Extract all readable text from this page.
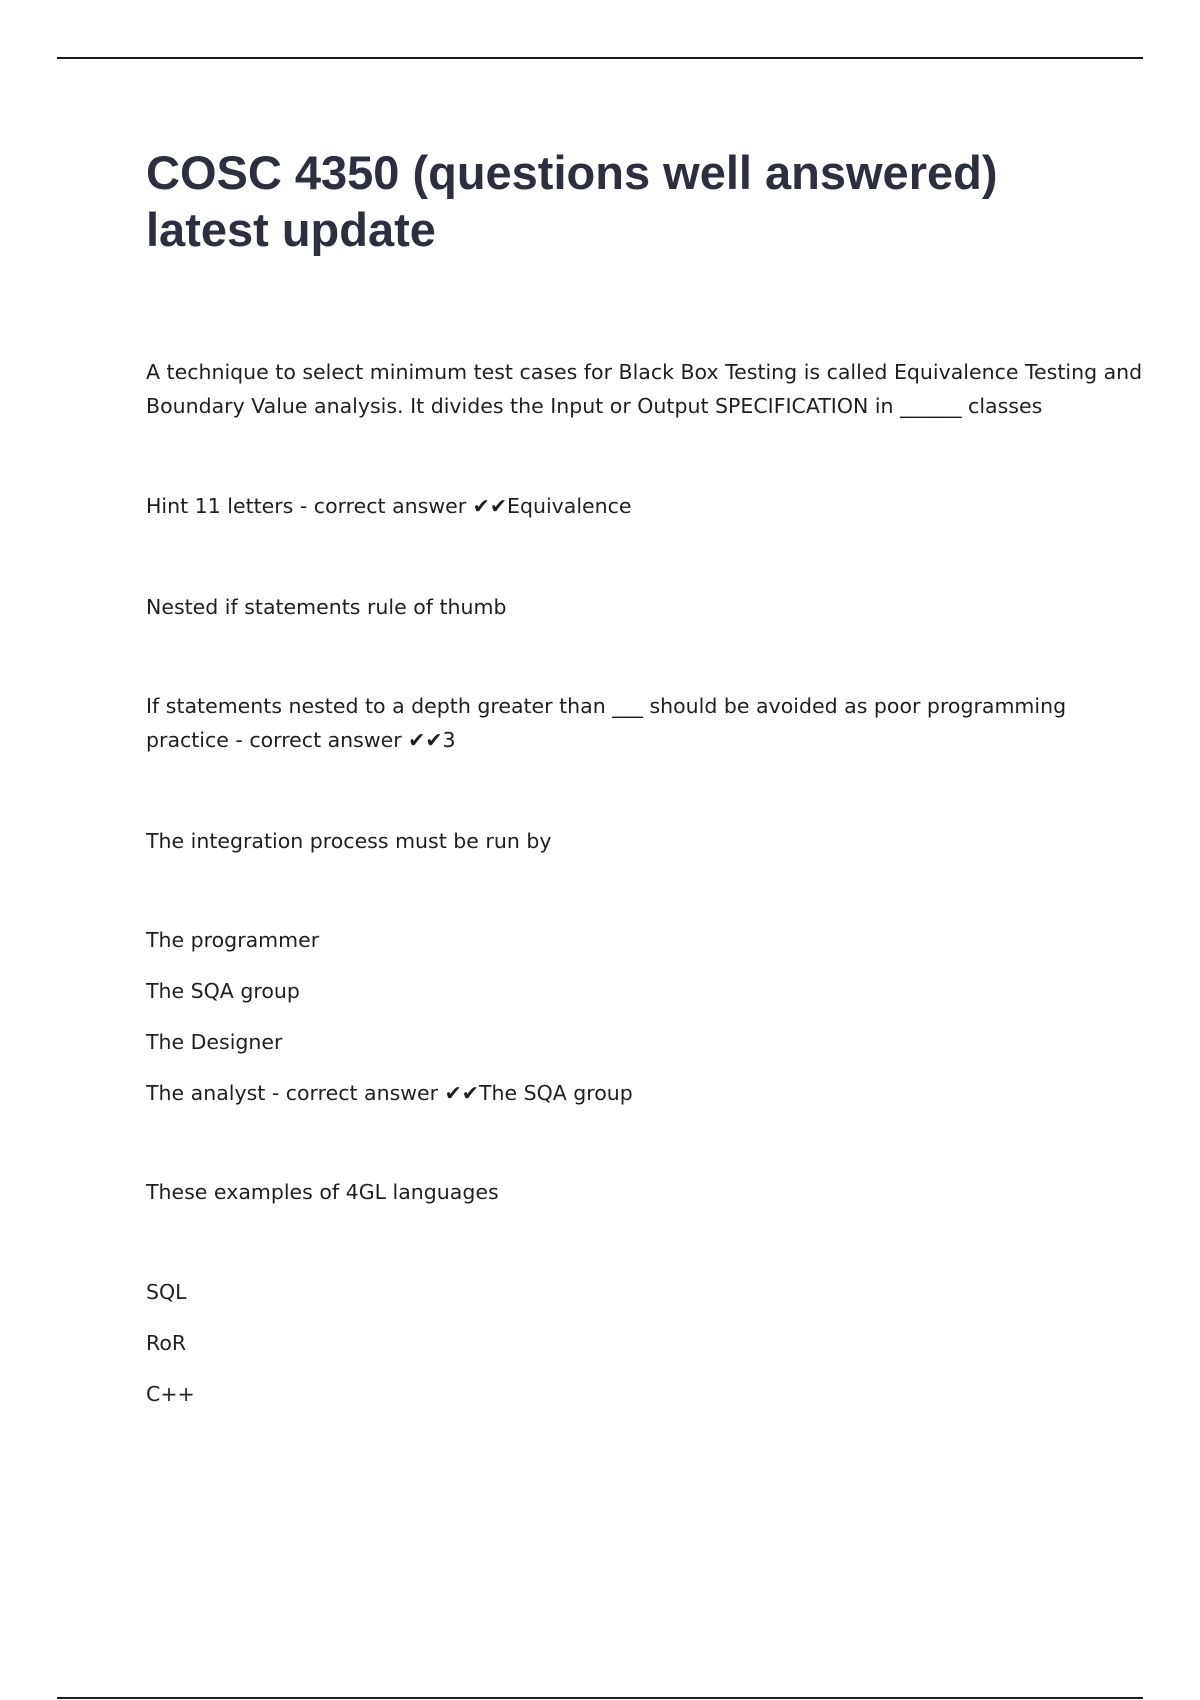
COSC 4350 (questions well answered)
latest update

A technique to select minimum test cases for Black Box Testing is called Equivalence Testing and
Boundary Value analysis. It divides the Input or Output SPECIFICATION in ______ classes

Hint 11 letters - correct answer ✔✔Equivalence

Nested if statements rule of thumb

If statements nested to a depth greater than ___ should be avoided as poor programming
practice - correct answer ✔✔3

The integration process must be run by

The programmer

The SQA group

The Designer

The analyst - correct answer ✔✔The SQA group

These examples of 4GL languages

SQL

RoR

C++
